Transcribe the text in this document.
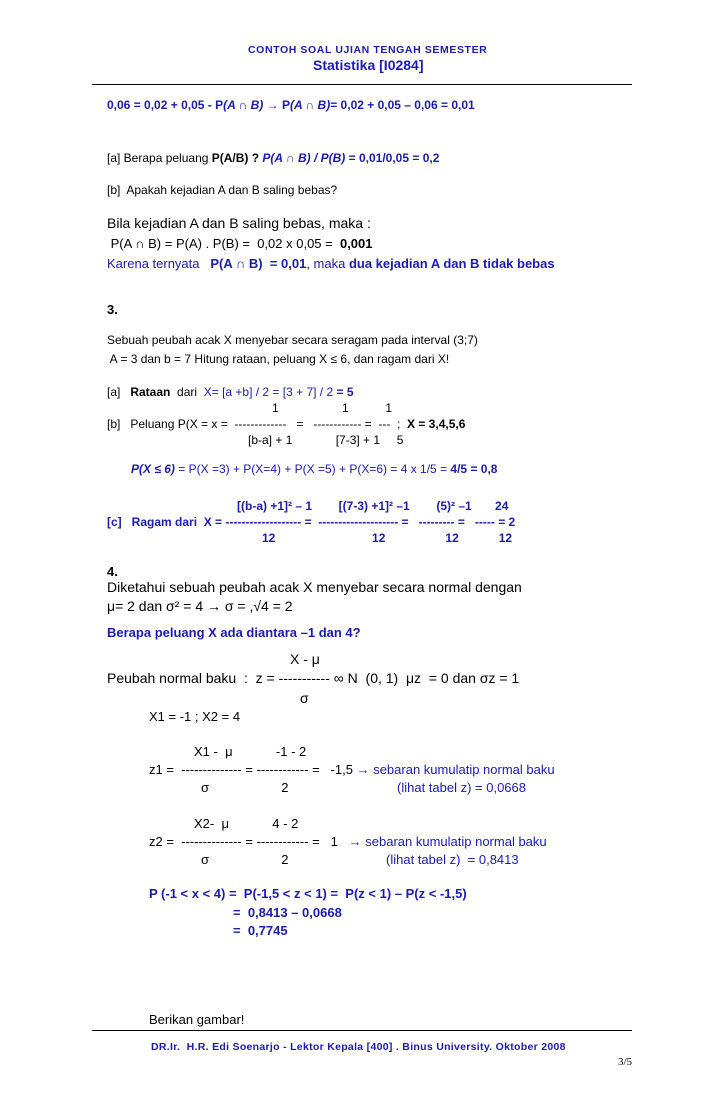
CONTOH SOAL UJIAN TENGAH SEMESTER
Statistika [I0284]
0,06 = 0,02 + 0,05 - P(A ∩ B) → P(A ∩ B)= 0,02 + 0,05 – 0,06 = 0,01
[a] Berapa peluang P(A/B) ? P(A ∩ B) / P(B) = 0,01/0,05 = 0,2
[b]  Apakah kejadian A dan B saling bebas?
Bila kejadian A dan B saling bebas, maka :
P(A ∩ B) = P(A) . P(B) =  0,02 x 0,05 =  0,001
Karena ternyata   P(A ∩ B)  = 0,01, maka dua kejadian A dan B tidak bebas
3.
Sebuah peubah acak X menyebar secara seragam pada interval (3;7)
A = 3 dan b = 7 Hitung rataan, peluang X ≤ 6, dan ragam dari X!
[a]   Rataan  dari  X= [a +b] / 2 = [3 + 7] / 2 = 5
1                   1           1
[b]   Peluang P(X = x =  -------------   =   ------------ =  ---  ;  X = 3,4,5,6
[b-a] + 1             [7-3] + 1     5
P(X ≤ 6) = P(X =3) + P(X=4) + P(X =5) + P(X=6) = 4 x 1/5 = 4/5 = 0,8
[(b-a) +1]² – 1        [(7-3) +1]² –1        (5)² –1       24
[c]   Ragam dari  X = ------------------- =  -------------------- =   --------- =   ----- = 2
12                             12                  12            12
4.
Diketahui sebuah peubah acak X menyebar secara normal dengan
μ= 2 dan σ² = 4 → σ = ,√4 = 2
Berapa peluang X ada diantara –1 dan 4?
X - μ
Peubah normal baku  :  z = ----------- ∞ N  (0, 1)  μz  = 0 dan σz = 1
σ
X1 = -1 ; X2 = 4
X1 -  μ            -1 - 2
z1 =  -------------- = ------------ =   -1,5 → sebaran kumulatip normal baku
σ                    2	(lihat tabel z) = 0,0668
X2-  μ            4 - 2
z2 =  -------------- = ------------ =   1   → sebaran kumulatip normal baku
σ                    2	(lihat tabel z)  = 0,8413
P (-1 < x < 4) =  P(-1,5 < z < 1) =  P(z < 1) – P(z < -1,5)
=  0,8413 – 0,0668
=  0,7745
Berikan gambar!
DR.Ir.  H.R. Edi Soenarjo - Lektor Kepala [400] . Binus University. Oktober 2008
3/5
